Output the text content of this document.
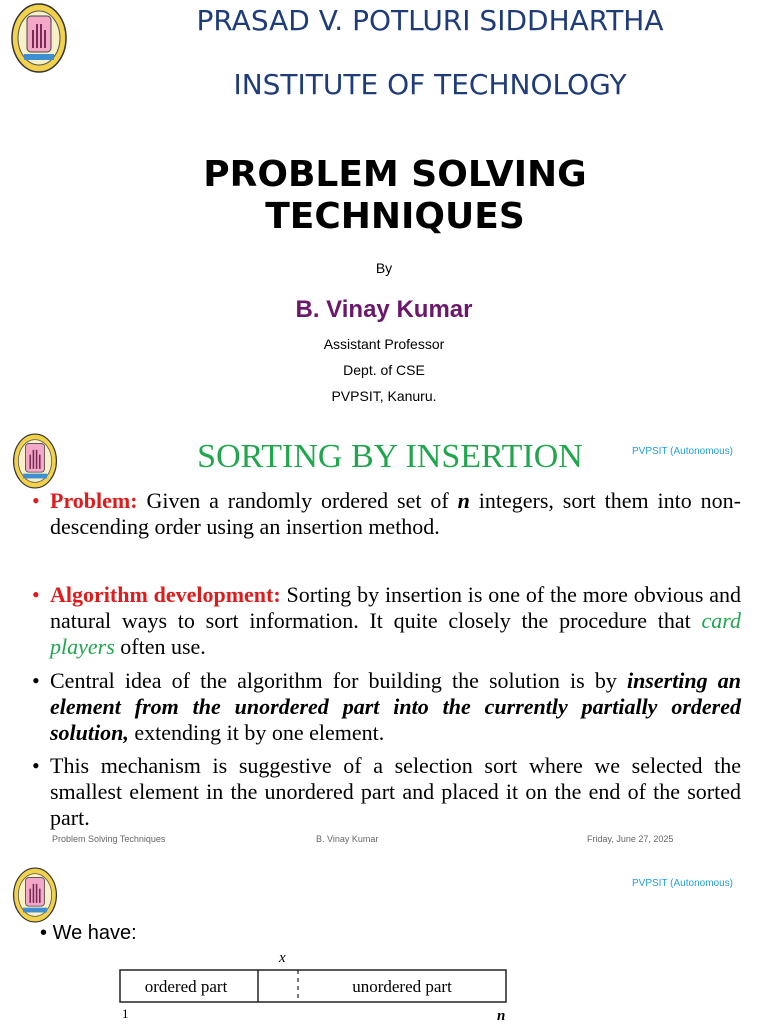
PRASAD V. POTLURI SIDDHARTHA
INSTITUTE OF TECHNOLOGY
PROBLEM SOLVING TECHNIQUES
By
B. Vinay Kumar
Assistant Professor
Dept. of CSE
PVPSIT, Kanuru.
PVPSIT (Autonomous)
SORTING BY INSERTION
• Problem: Given a randomly ordered set of n integers, sort them into non-descending order using an insertion method.
• Algorithm development: Sorting by insertion is one of the more obvious and natural ways to sort information. It quite closely the procedure that card players often use.
• Central idea of the algorithm for building the solution is by inserting an element from the unordered part into the currently partially ordered solution, extending it by one element.
• This mechanism is suggestive of a selection sort where we selected the smallest element in the unordered part and placed it on the end of the sorted part.
Problem Solving Techniques	B. Vinay Kumar	Friday, June 27, 2025
PVPSIT (Autonomous)
• We have:
x
ordered part	unordered part
1	n
